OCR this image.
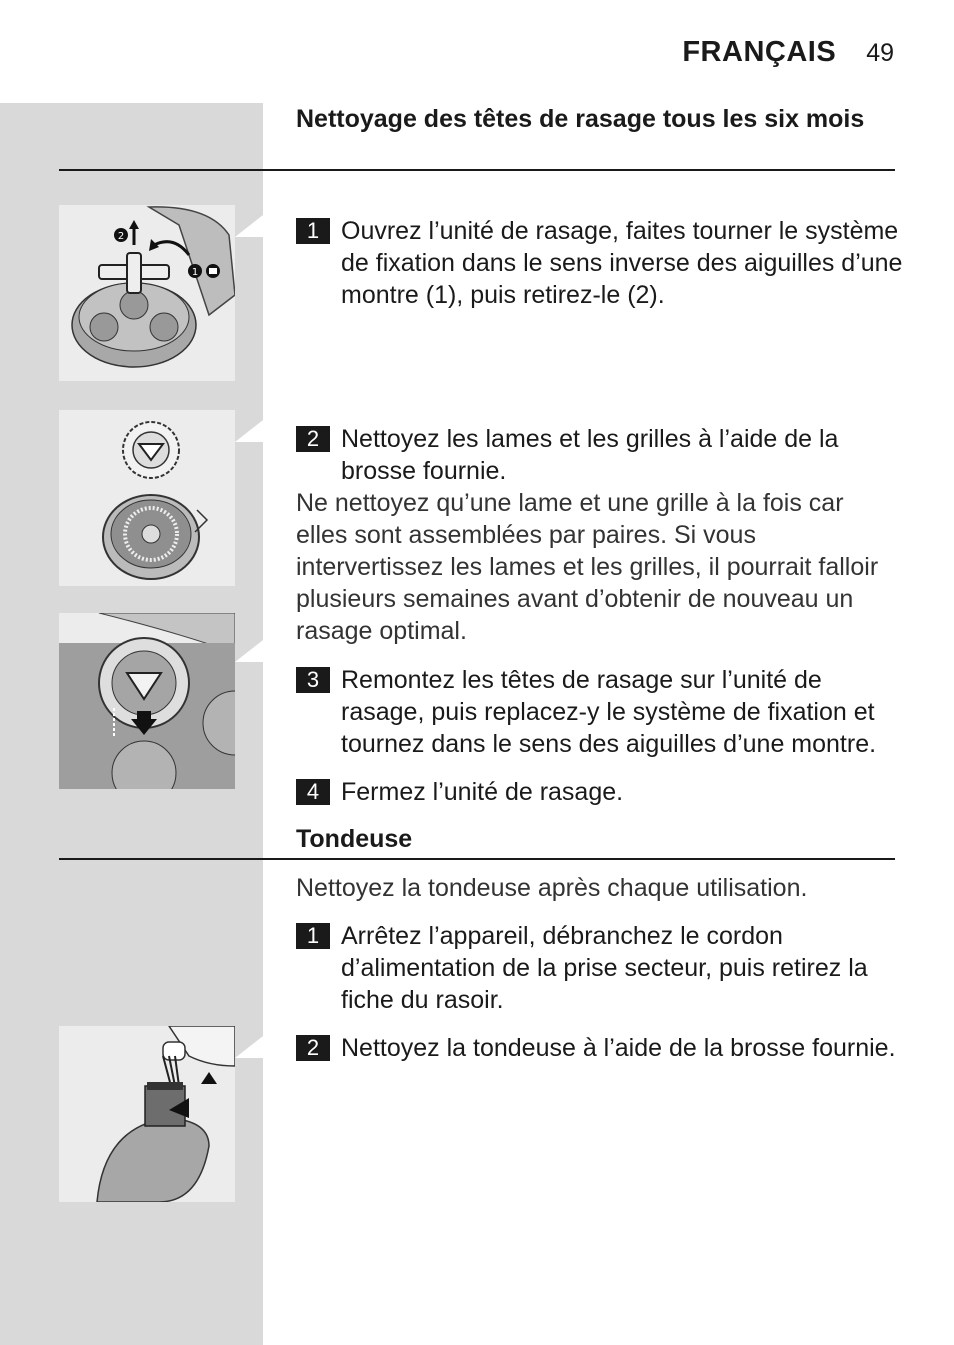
FRANÇAIS 49
Nettoyage des têtes de rasage tous les six mois
2
1
1 Ouvrez l’unité de rasage, faites tourner le système de fixation dans le sens inverse des aiguilles d’une montre (1), puis retirez-le (2).
2 Nettoyez les lames et les grilles à l’aide de la brosse fournie.
Ne nettoyez qu’une lame et une grille à la fois car elles sont assemblées par paires. Si vous intervertissez les lames et les grilles, il pourrait falloir plusieurs semaines avant d’obtenir de nouveau un rasage optimal.
3 Remontez les têtes de rasage sur l’unité de rasage, puis replacez-y le système de fixation et tournez dans le sens des aiguilles d’une montre.
4 Fermez l’unité de rasage.
Tondeuse
Nettoyez la tondeuse après chaque utilisation.
1 Arrêtez l’appareil, débranchez le cordon d’alimentation de la prise secteur, puis retirez la fiche du rasoir.
2 Nettoyez la tondeuse à l’aide de la brosse fournie.
